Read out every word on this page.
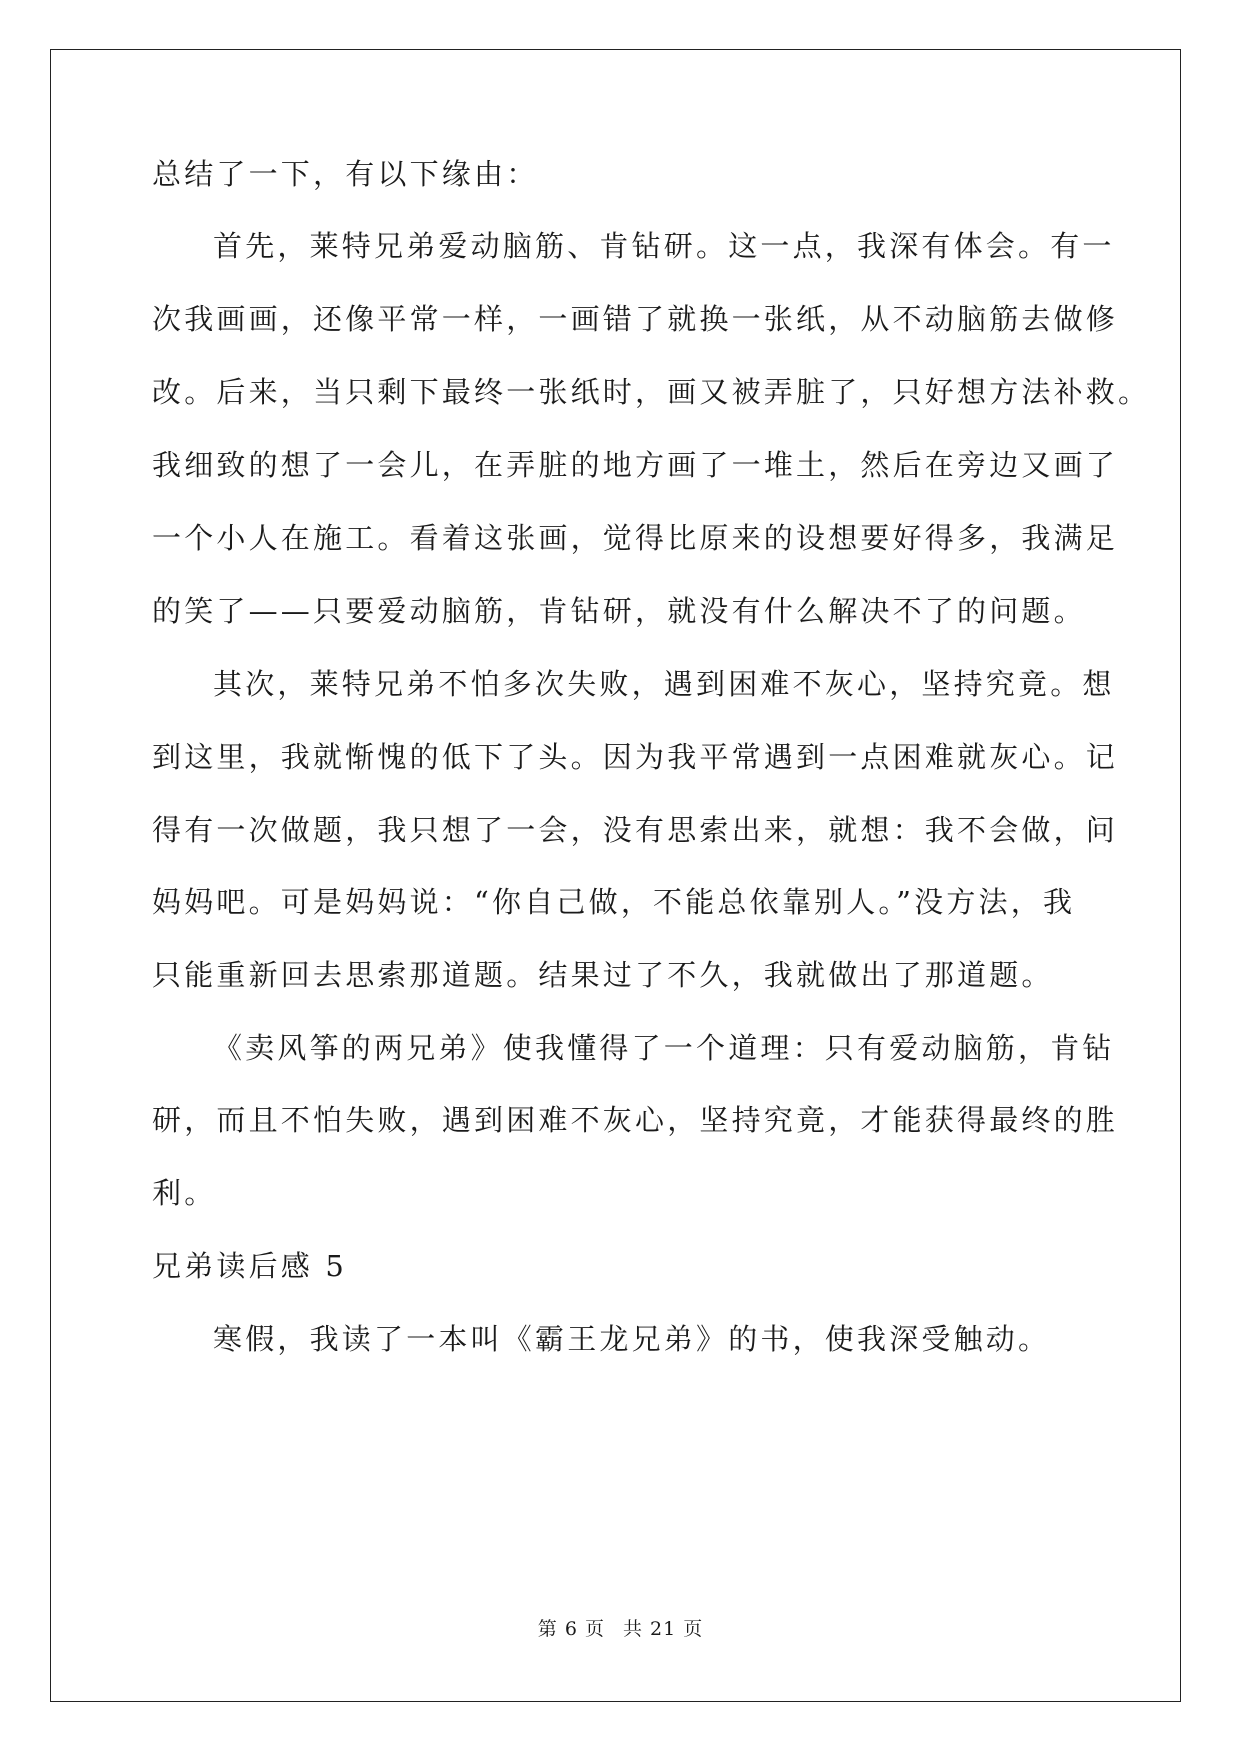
总结了一下，有以下缘由：
首先，莱特兄弟爱动脑筋、肯钻研。这一点，我深有体会。有一
次我画画，还像平常一样，一画错了就换一张纸，从不动脑筋去做修
改。后来，当只剩下最终一张纸时，画又被弄脏了，只好想方法补救。
我细致的想了一会儿，在弄脏的地方画了一堆土，然后在旁边又画了
一个小人在施工。看着这张画，觉得比原来的设想要好得多，我满足
的笑了——只要爱动脑筋，肯钻研，就没有什么解决不了的问题。
其次，莱特兄弟不怕多次失败，遇到困难不灰心，坚持究竟。想
到这里，我就惭愧的低下了头。因为我平常遇到一点困难就灰心。记
得有一次做题，我只想了一会，没有思索出来，就想：我不会做，问
妈妈吧。可是妈妈说：“你自己做，不能总依靠别人。”没方法，我
只能重新回去思索那道题。结果过了不久，我就做出了那道题。
《卖风筝的两兄弟》使我懂得了一个道理：只有爱动脑筋，肯钻
研，而且不怕失败，遇到困难不灰心，坚持究竟，才能获得最终的胜
利。
兄弟读后感 5
寒假，我读了一本叫《霸王龙兄弟》的书，使我深受触动。
第 6 页 共 21 页
